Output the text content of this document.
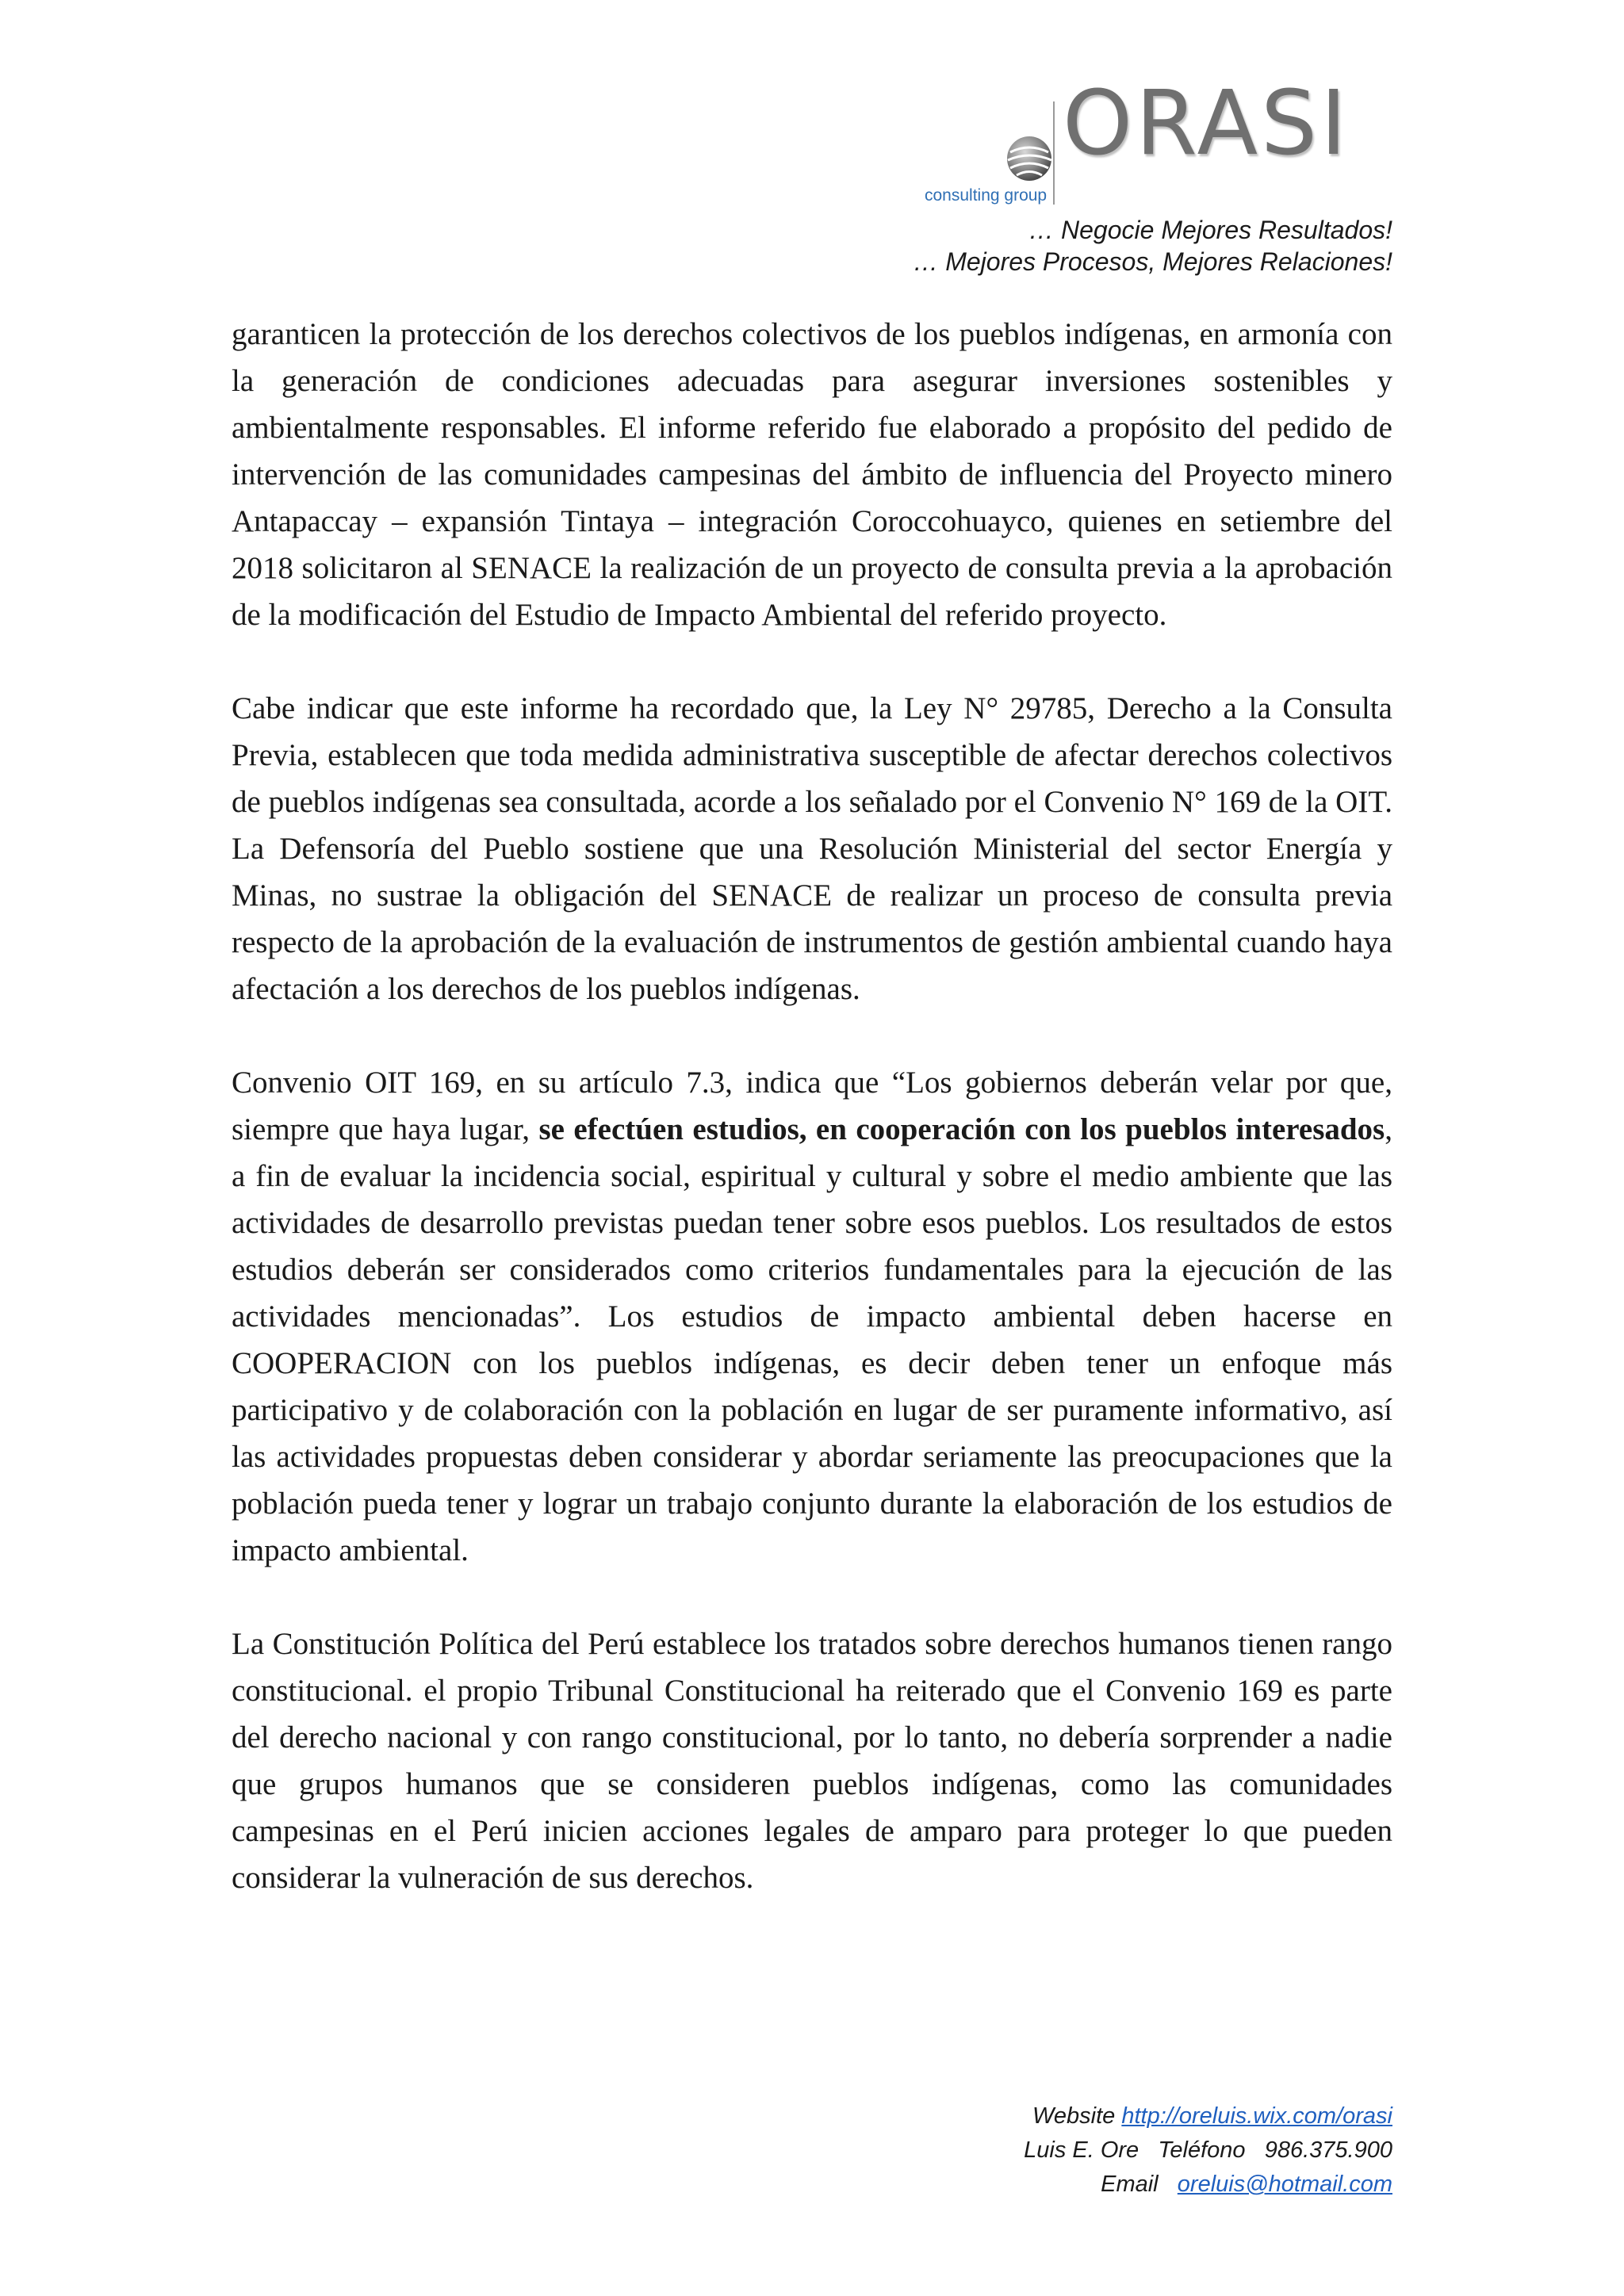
ORASI
consulting group
… Negocie Mejores Resultados!
… Mejores Procesos, Mejores Relaciones!

garanticen la protección de los derechos colectivos de los pueblos indígenas, en armonía con la generación de condiciones adecuadas para asegurar inversiones sostenibles y ambientalmente responsables. El informe referido fue elaborado a propósito del pedido de intervención de las comunidades campesinas del ámbito de influencia del Proyecto minero Antapaccay – expansión Tintaya – integración Coroccohuayco, quienes en setiembre del 2018 solicitaron al SENACE la realización de un proyecto de consulta previa a la aprobación de la modificación del Estudio de Impacto Ambiental del referido proyecto.

Cabe indicar que este informe ha recordado que, la Ley N° 29785, Derecho a la Consulta Previa, establecen que toda medida administrativa susceptible de afectar derechos colectivos de pueblos indígenas sea consultada, acorde a los señalado por el Convenio N° 169 de la OIT. La Defensoría del Pueblo sostiene que una Resolución Ministerial del sector Energía y Minas, no sustrae la obligación del SENACE de realizar un proceso de consulta previa respecto de la aprobación de la evaluación de instrumentos de gestión ambiental cuando haya afectación a los derechos de los pueblos indígenas.

Convenio OIT 169, en su artículo 7.3, indica que “Los gobiernos deberán velar por que, siempre que haya lugar, se efectúen estudios, en cooperación con los pueblos interesados, a fin de evaluar la incidencia social, espiritual y cultural y sobre el medio ambiente que las actividades de desarrollo previstas puedan tener sobre esos pueblos. Los resultados de estos estudios deberán ser considerados como criterios fundamentales para la ejecución de las actividades mencionadas”. Los estudios de impacto ambiental deben hacerse en COOPERACION con los pueblos indígenas, es decir deben tener un enfoque más participativo y de colaboración con la población en lugar de ser puramente informativo, así las actividades propuestas deben considerar y abordar seriamente las preocupaciones que la población pueda tener y lograr un trabajo conjunto durante la elaboración de los estudios de impacto ambiental.

La Constitución Política del Perú establece los tratados sobre derechos humanos tienen rango constitucional. el propio Tribunal Constitucional ha reiterado que el Convenio 169 es parte del derecho nacional y con rango constitucional, por lo tanto, no debería sorprender a nadie que grupos humanos que se consideren pueblos indígenas, como las comunidades campesinas en el Perú inicien acciones legales de amparo para proteger lo que pueden considerar la vulneración de sus derechos.

Website http://oreluis.wix.com/orasi
Luis E. Ore   Teléfono   986.375.900
Email   oreluis@hotmail.com
